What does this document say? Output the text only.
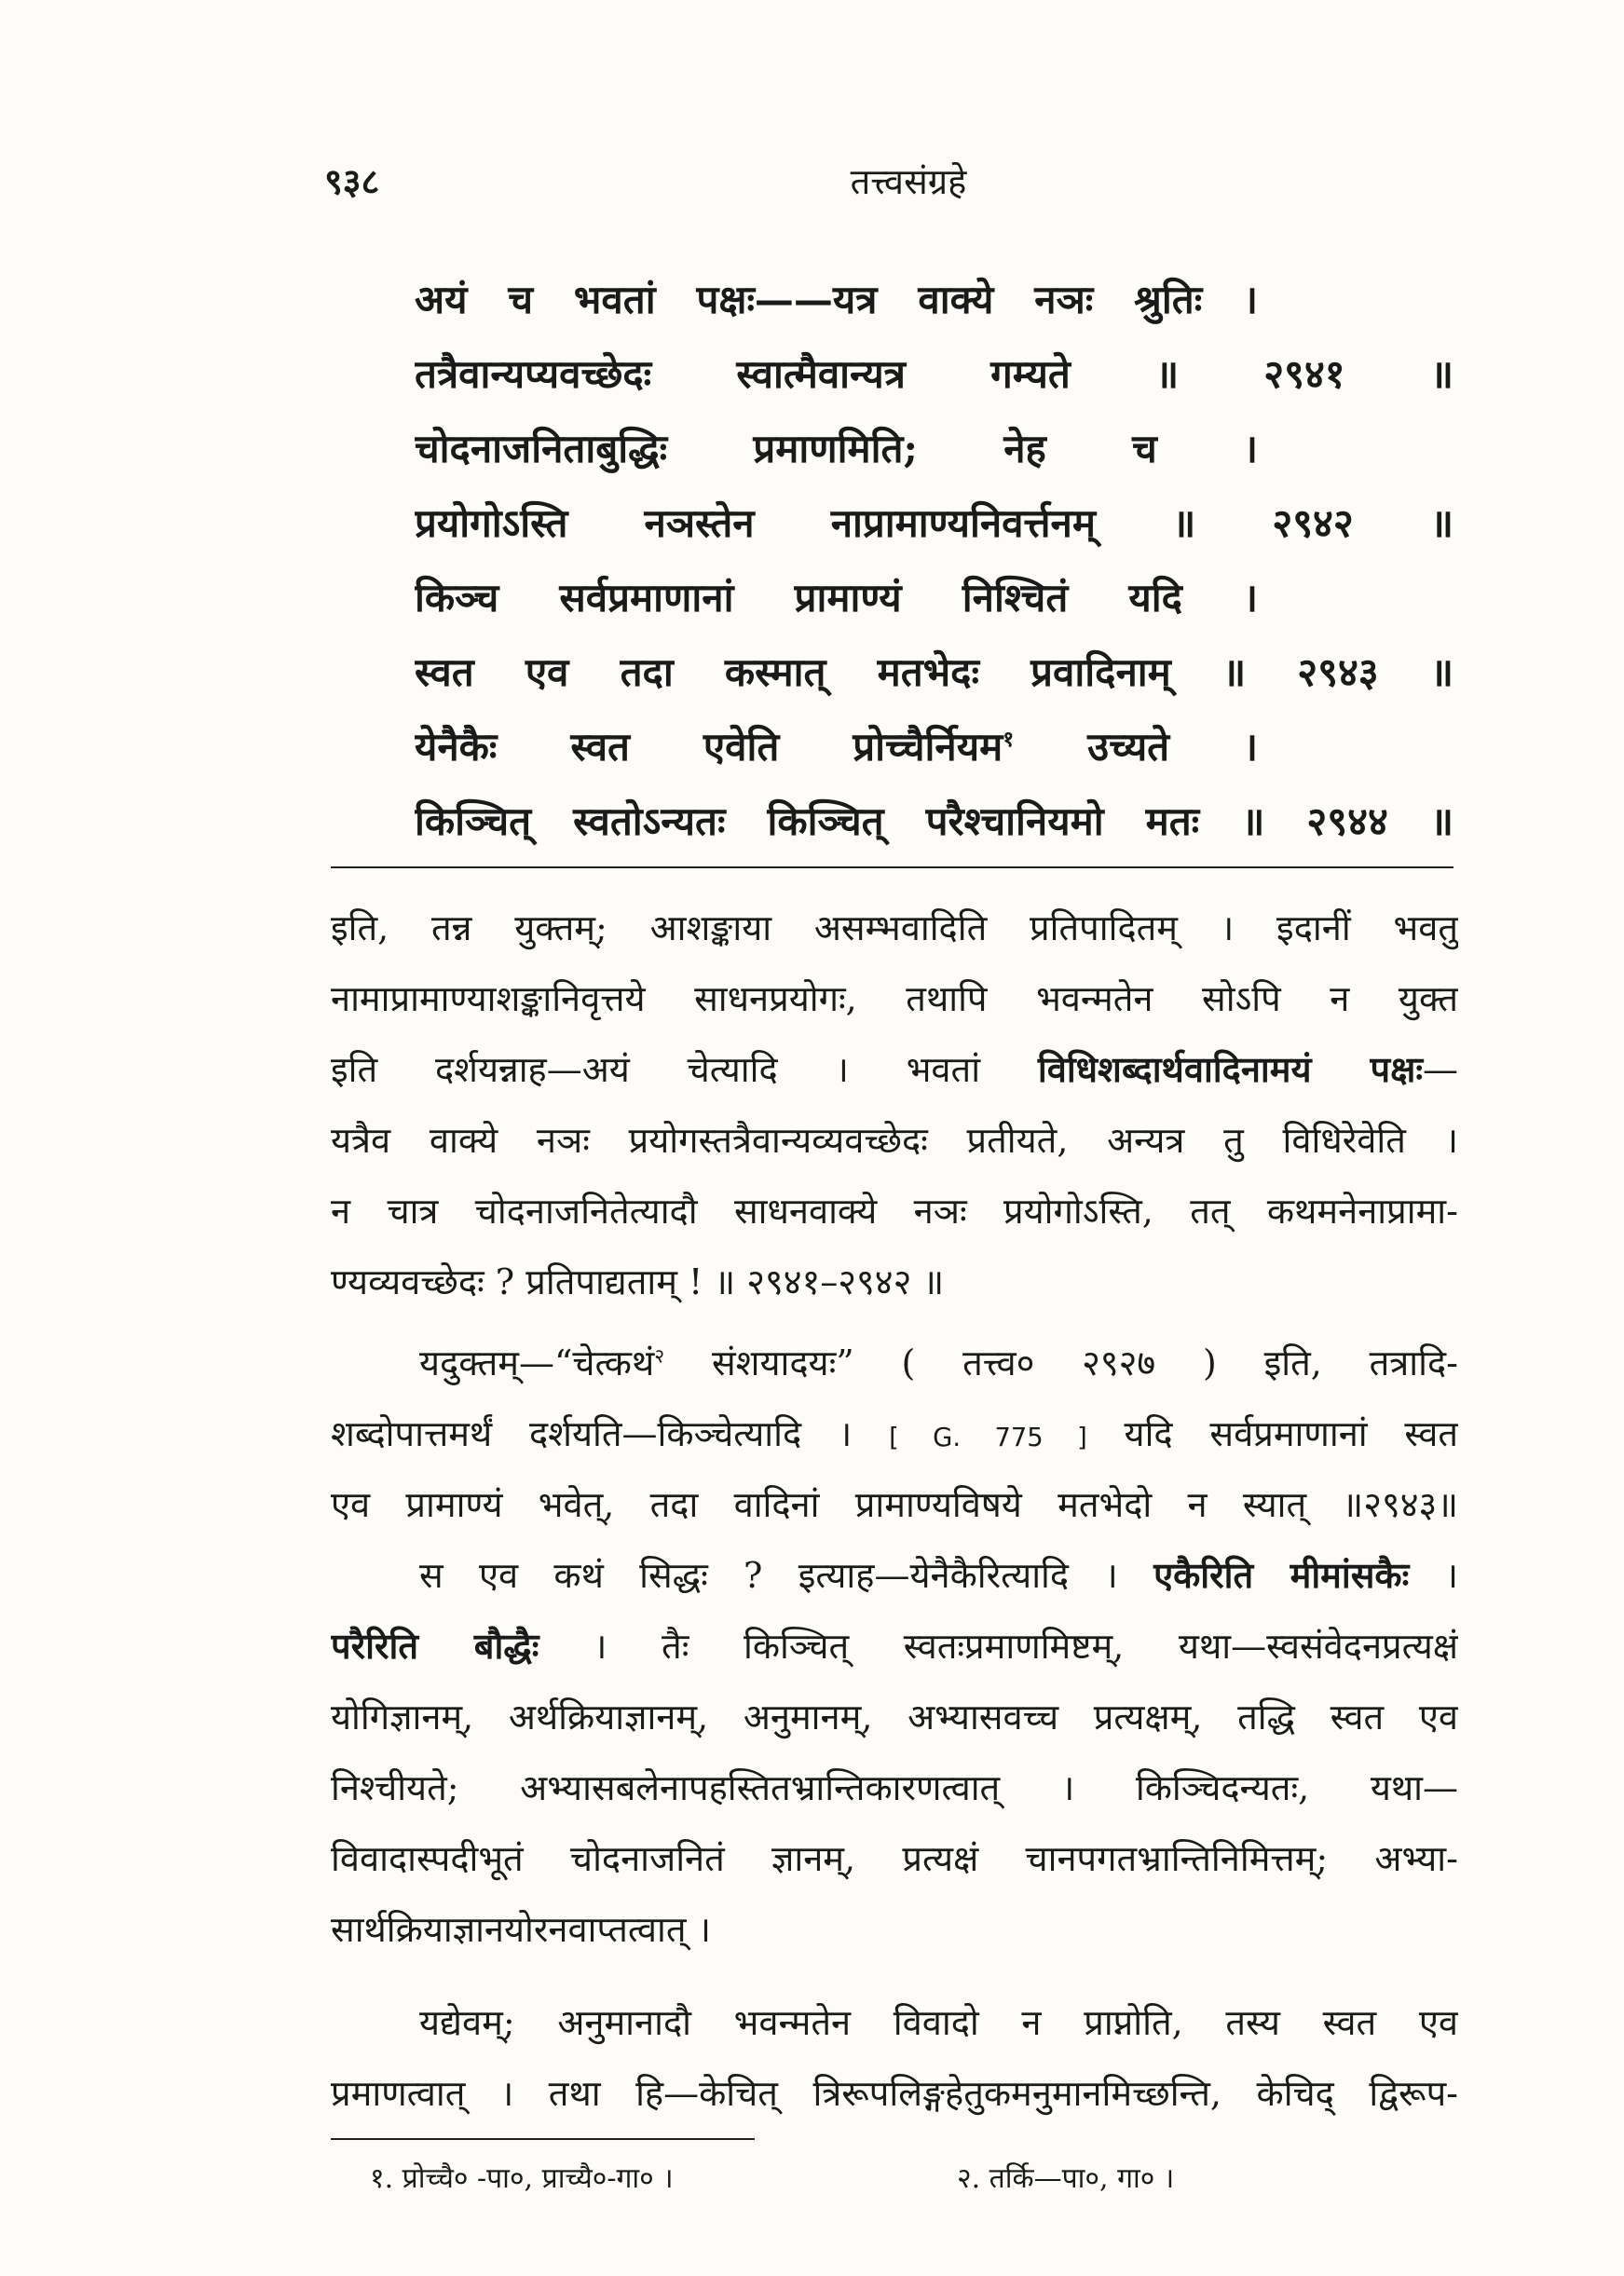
९३८	तत्त्वसंग्रहे
अयं च भवतां पक्षः——यत्र वाक्ये नञः श्रुतिः ।
तत्रैवान्यप्यवच्छेदः स्वात्मैवान्यत्र गम्यते ॥ २९४१ ॥
चोदनाजनिताबुद्धिः प्रमाणमिति; नेह च ।
प्रयोगोऽस्ति नञस्तेन नाप्रामाण्यनिवर्त्तनम् ॥ २९४२ ॥
किञ्च सर्वप्रमाणानां प्रामाण्यं निश्चितं यदि ।
स्वत एव तदा कस्मात् मतभेदः प्रवादिनाम् ॥ २९४३ ॥
येनैकैः स्वत एवेति प्रोच्चैर्नियम$^१$ उच्यते ।
किञ्चित् स्वतोऽन्यतः किञ्चित् परैश्चानियमो मतः ॥ २९४४ ॥
इति, तन्न युक्तम्; आशङ्काया असम्भवादिति प्रतिपादितम् । इदानीं भवतु
नामाप्रामाण्याशङ्कानिवृत्तये साधनप्रयोगः, तथापि भवन्मतेन सोऽपि न युक्त
इति दर्शयन्नाह—अयं चेत्यादि । भवतां विधिशब्दार्थवादिनामयं पक्षः—
यत्रैव वाक्ये नञः प्रयोगस्तत्रैवान्यव्यवच्छेदः प्रतीयते, अन्यत्र तु विधिरेवेति ।
न चात्र चोदनाजनितेत्यादौ साधनवाक्ये नञः प्रयोगोऽस्ति, तत् कथमनेनाप्रामा-
ण्यव्यवच्छेदः ? प्रतिपाद्यताम् ! ॥ २९४१–२९४२ ॥
यदुक्तम्—“चेत्कथं$^२$ संशयादयः” ( तत्त्व० २९२७ ) इति, तत्रादि-
शब्दोपात्तमर्थं दर्शयति—किञ्चेत्यादि । [ G. 775 ] यदि सर्वप्रमाणानां स्वत
एव प्रामाण्यं भवेत्, तदा वादिनां प्रामाण्यविषये मतभेदो न स्यात् ॥२९४३॥
स एव कथं सिद्धः ? इत्याह—येनैकैरित्यादि । एकैरिति मीमांसकैः ।
परैरिति बौद्धैः । तैः किञ्चित् स्वतःप्रमाणमिष्टम्, यथा—स्वसंवेदनप्रत्यक्षं
योगिज्ञानम्, अर्थक्रियाज्ञानम्, अनुमानम्, अभ्यासवच्च प्रत्यक्षम्, तद्धि स्वत एव
निश्चीयते; अभ्यासबलेनापहस्तितभ्रान्तिकारणत्वात् । किञ्चिदन्यतः, यथा—
विवादास्पदीभूतं चोदनाजनितं ज्ञानम्, प्रत्यक्षं चानपगतभ्रान्तिनिमित्तम्; अभ्या-
सार्थक्रियाज्ञानयोरनवाप्तत्वात् ।
यद्येवम्; अनुमानादौ भवन्मतेन विवादो न प्राप्नोति, तस्य स्वत एव
प्रमाणत्वात् । तथा हि—केचित् त्रिरूपलिङ्गहेतुकमनुमानमिच्छन्ति, केचिद् द्विरूप-
१. प्रोच्चै० -पा०, प्राच्यै०-गा० ।	२. तर्कि—पा०, गा० ।
